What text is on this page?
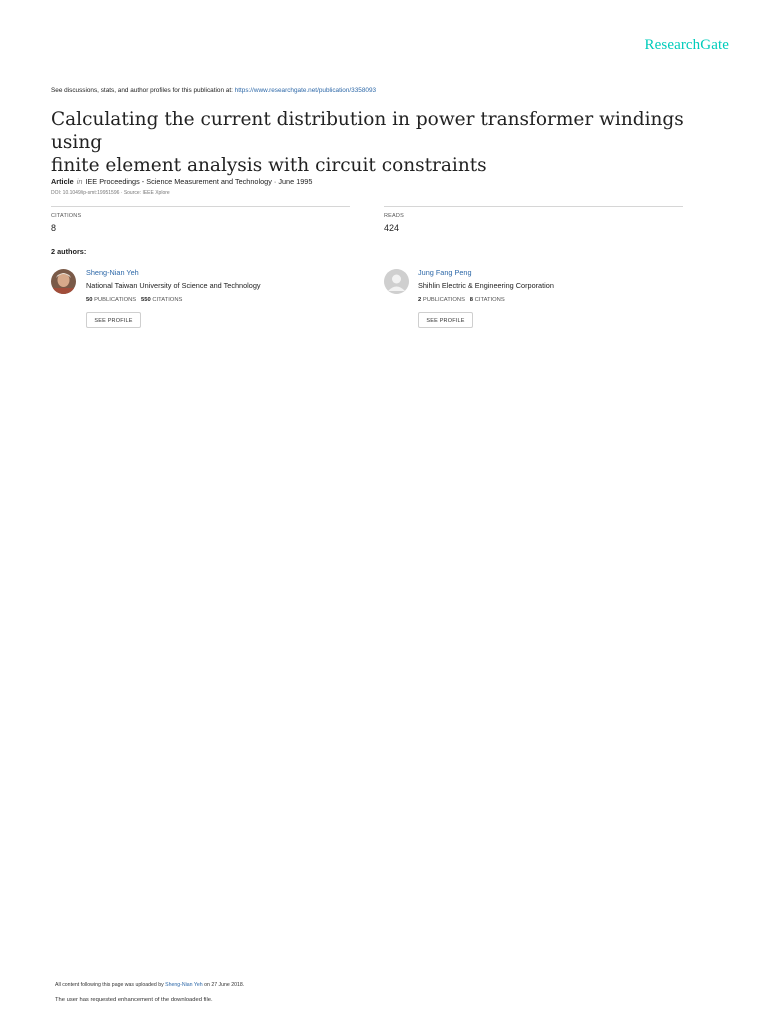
ResearchGate
See discussions, stats, and author profiles for this publication at: https://www.researchgate.net/publication/3358093
Calculating the current distribution in power transformer windings using
finite element analysis with circuit constraints
Article in IEE Proceedings - Science Measurement and Technology · June 1995
DOI: 10.1049/ip-smt:19951596 · Source: IEEE Xplore
CITATIONS
8
READS
424
2 authors:
Sheng-Nian Yeh
National Taiwan University of Science and Technology
50 PUBLICATIONS 550 CITATIONS
SEE PROFILE
Jung Fang Peng
Shihlin Electric & Engineering Corporation
2 PUBLICATIONS 8 CITATIONS
SEE PROFILE
All content following this page was uploaded by Sheng-Nian Yeh on 27 June 2018.
The user has requested enhancement of the downloaded file.
